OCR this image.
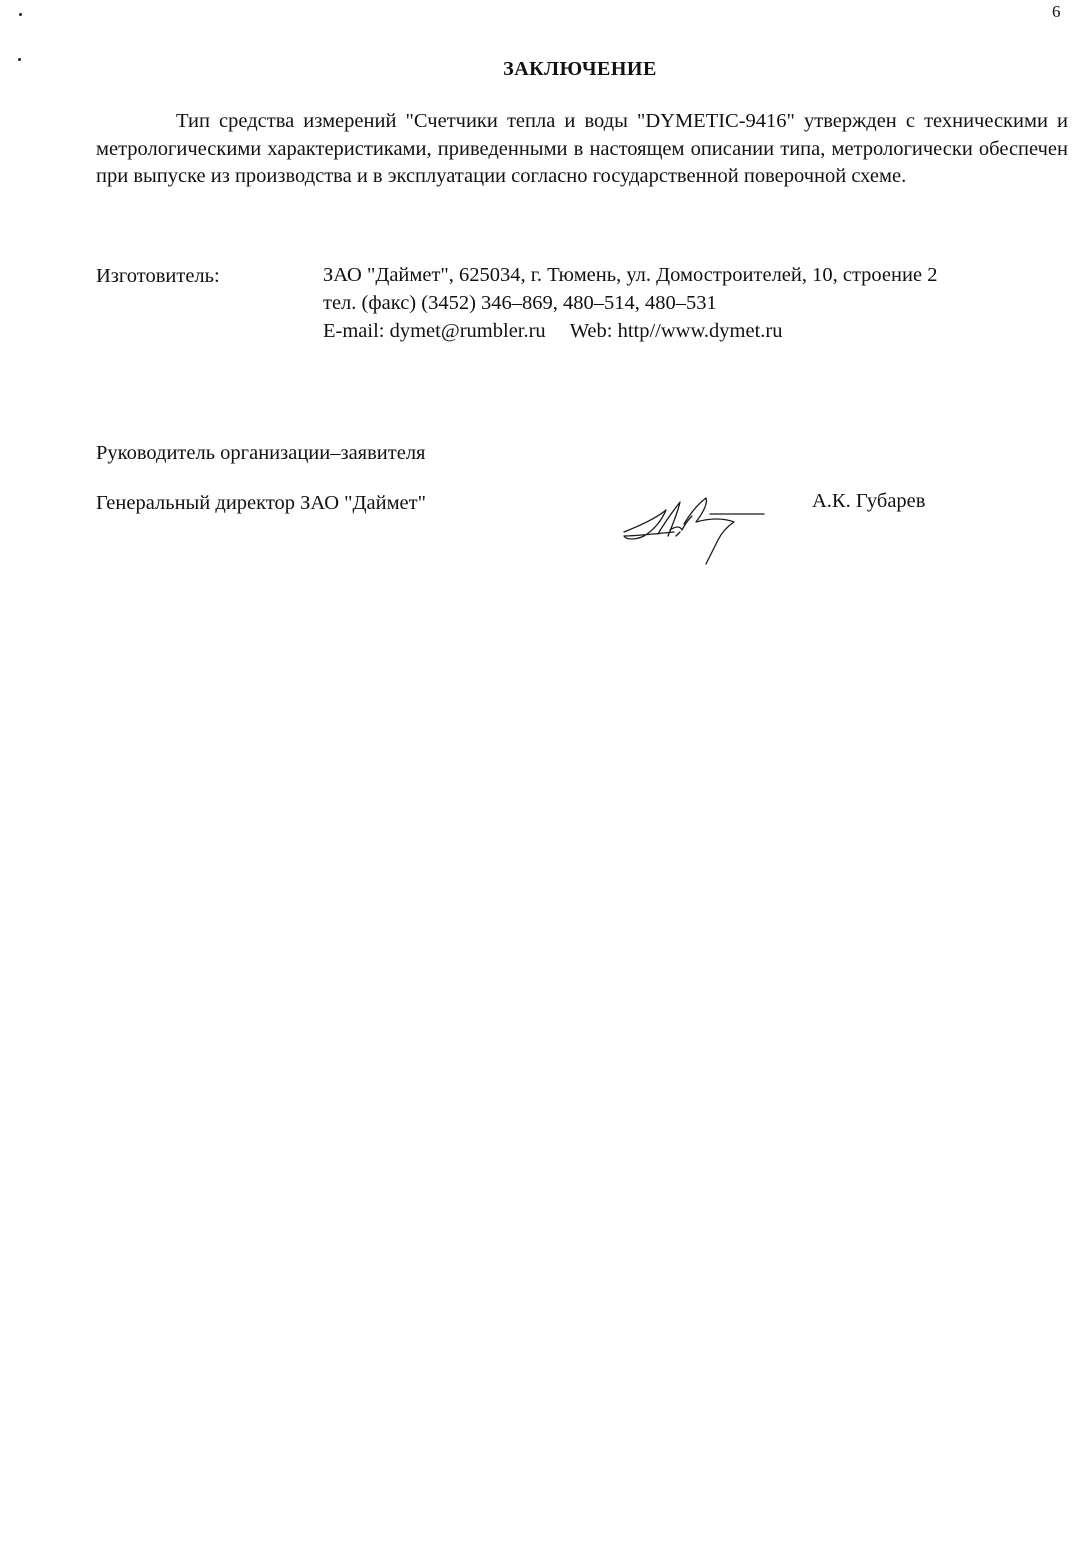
6
ЗАКЛЮЧЕНИЕ

Тип средства измерений "Счетчики тепла и воды "DYMETIC-9416" утвержден с техническими и метрологическими характеристиками, приведенными в настоящем описании типа, метрологически обеспечен при выпуске из производства и в эксплуатации согласно государственной поверочной схеме.

Изготовитель:	ЗАО "Даймет", 625034, г. Тюмень, ул. Домостроителей, 10, строение 2
тел. (факс) (3452) 346–869, 480–514, 480–531
E-mail: dymet@rumbler.ru Web: http//www.dymet.ru
Руководитель организации–заявителя
Генеральный директор ЗАО "Даймет"	А.К. Губарев
